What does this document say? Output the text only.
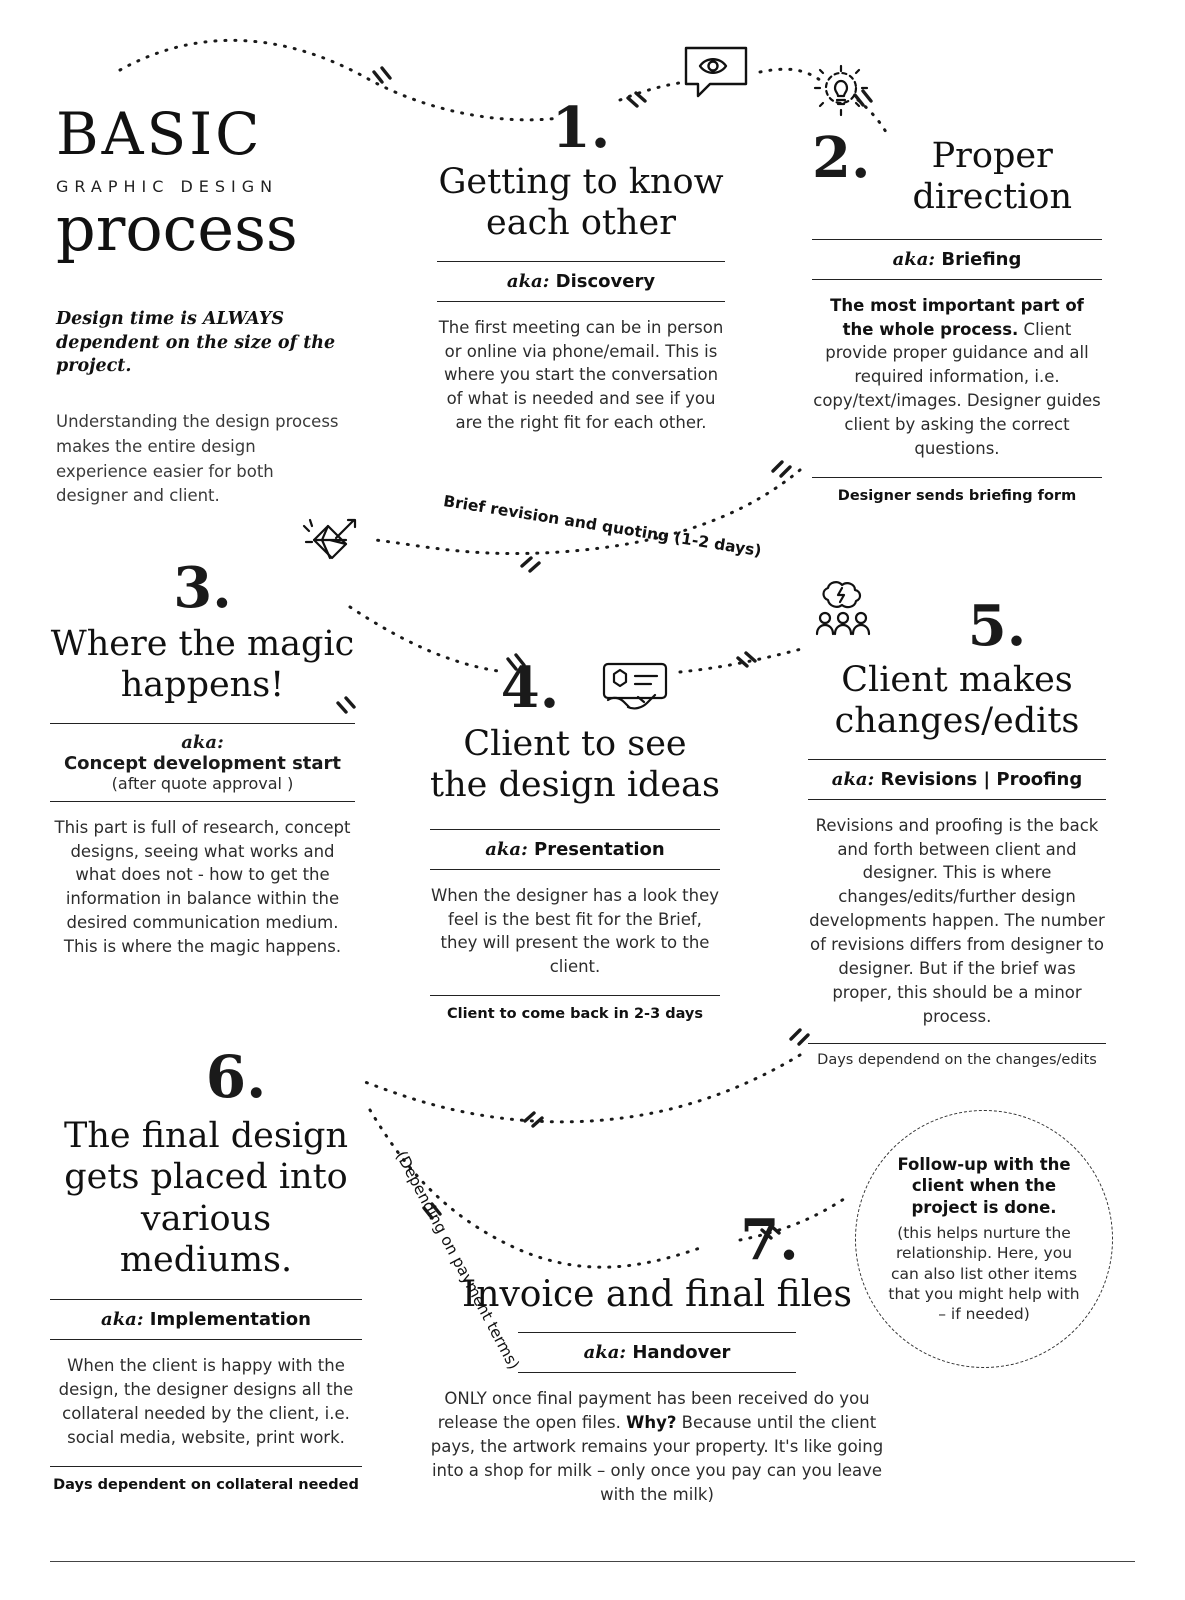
BASIC
GRAPHIC DESIGN
process
Design time is ALWAYS dependent on the size of the project.
Understanding the design process makes the entire design experience easier for both designer and client.
1.
Getting to know each other
aka: Discovery
The first meeting can be in person or online via phone/email. This is where you start the conversation of what is needed and see if you are the right fit for each other.
2.	Proper direction
aka: Briefing
The most important part of the whole process. Client provide proper guidance and all required information, i.e. copy/text/images. Designer guides client by asking the correct questions.
Designer sends briefing form
Brief revision and quoting (1-2 days)
3.
Where the magic happens!
aka:
Concept development start
(after quote approval )
This part is full of research, concept designs, seeing what works and what does not - how to get the information in balance within the desired communication medium. This is where the magic happens.
4.
Client to see the design ideas
aka: Presentation
When the designer has a look they feel is the best fit for the Brief, they will present the work to the client.
Client to come back in 2-3 days
5.
Client makes changes/edits
aka: Revisions | Proofing
Revisions and proofing is the back and forth between client and designer. This is where changes/edits/further design developments happen. The number of revisions differs from designer to designer. But if the brief was proper, this should be a minor process.
Days dependend on the changes/edits
6.
The final design gets placed into various mediums.
aka: Implementation
When the client is happy with the design, the designer designs all the collateral needed by the client, i.e. social media, website, print work.
Days dependent on collateral needed
(Depending on payment terms)	7.
Invoice and final files
aka: Handover
ONLY once final payment has been received do you release the open files. Why? Because until the client pays, the artwork remains your property. It's like going into a shop for milk – only once you pay can you leave with the milk)
Follow-up with the client when the project is done.
(this helps nurture the relationship. Here, you can also list other items that you might help with – if needed)
